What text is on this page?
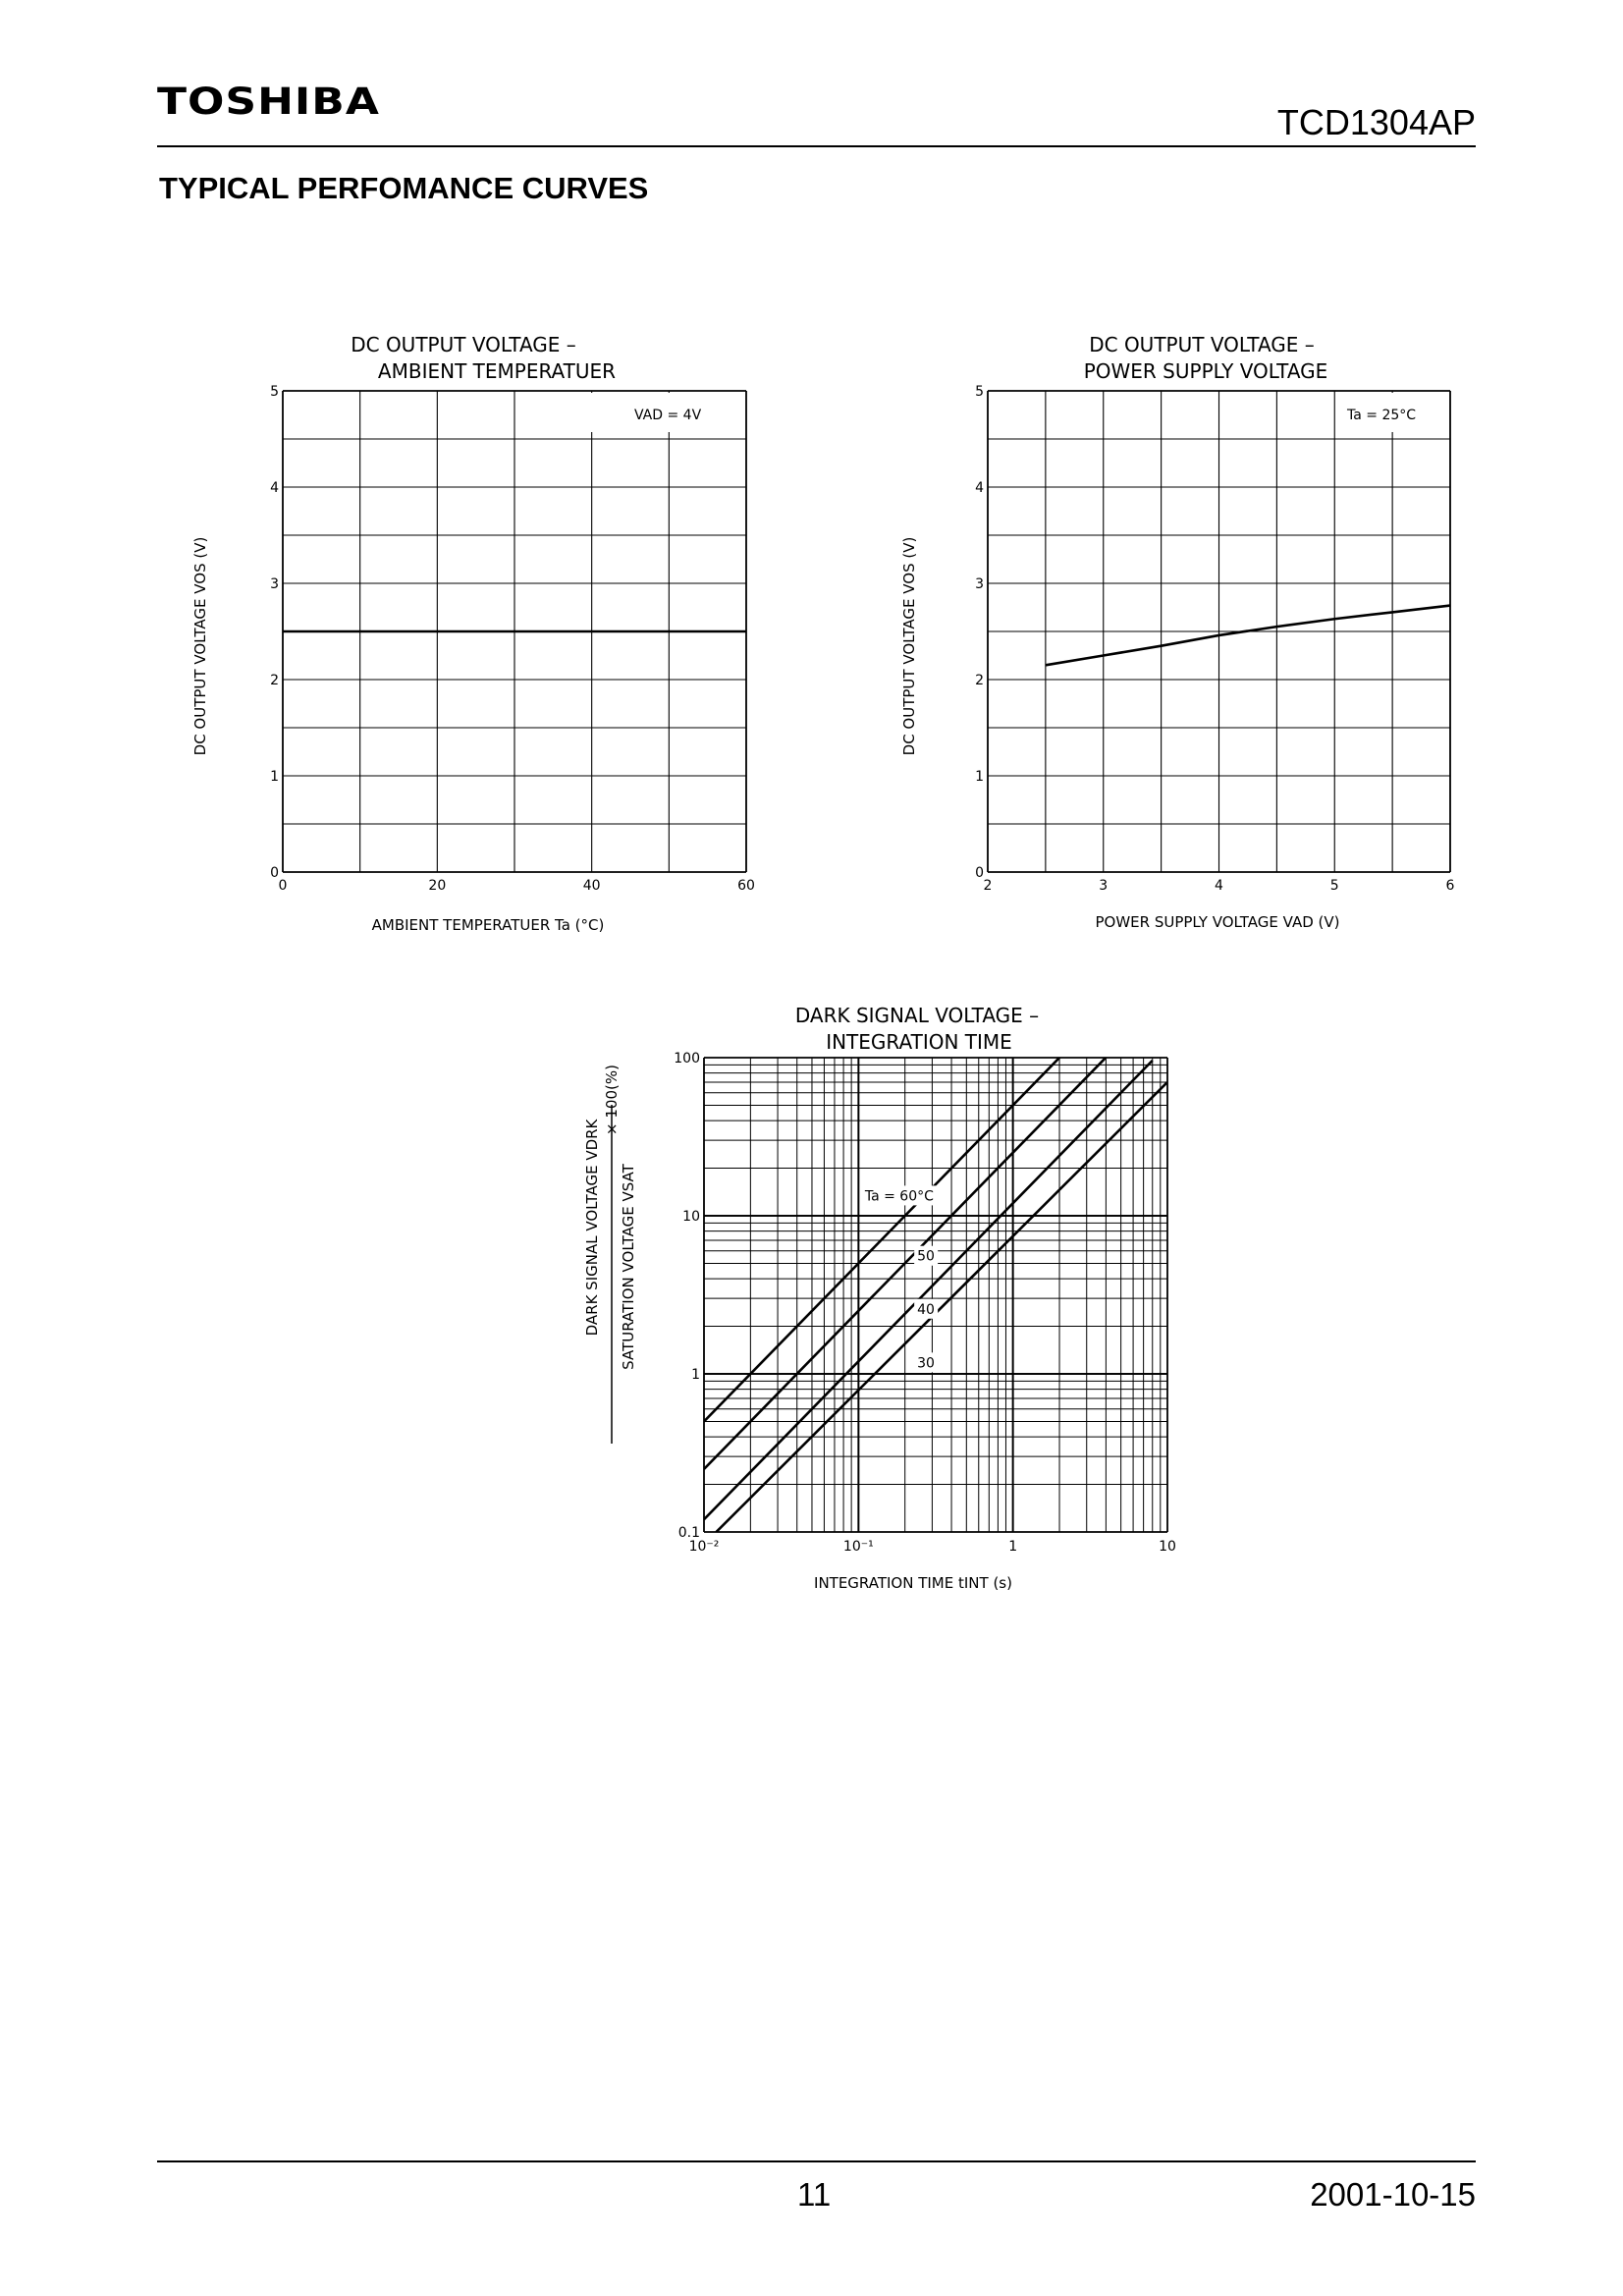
TOSHIBA	TCD1304AP
TYPICAL PERFOMANCE CURVES
DC OUTPUT VOLTAGE –
AMBIENT TEMPERATUER
0
1
2
3
4
5
0	20	40	60
VAD = 4V
AMBIENT TEMPERATUER Ta (°C)
DC OUTPUT VOLTAGE VOS (V)
DC OUTPUT VOLTAGE –
POWER SUPPLY VOLTAGE
0
1
2
3
4
5
2	3	4	5	6
Ta = 25°C
POWER SUPPLY VOLTAGE VAD (V)
DC OUTPUT VOLTAGE VOS (V)
DARK SIGNAL VOLTAGE –
INTEGRATION TIME
0.1
1
10
100
10⁻²	10⁻¹	1	10
Ta = 60°C
50
40
30
INTEGRATION TIME tINT (s)
DARK SIGNAL VOLTAGE VDRK SATURATION VOLTAGE VSAT
× 100(%)
11	2001-10-15
